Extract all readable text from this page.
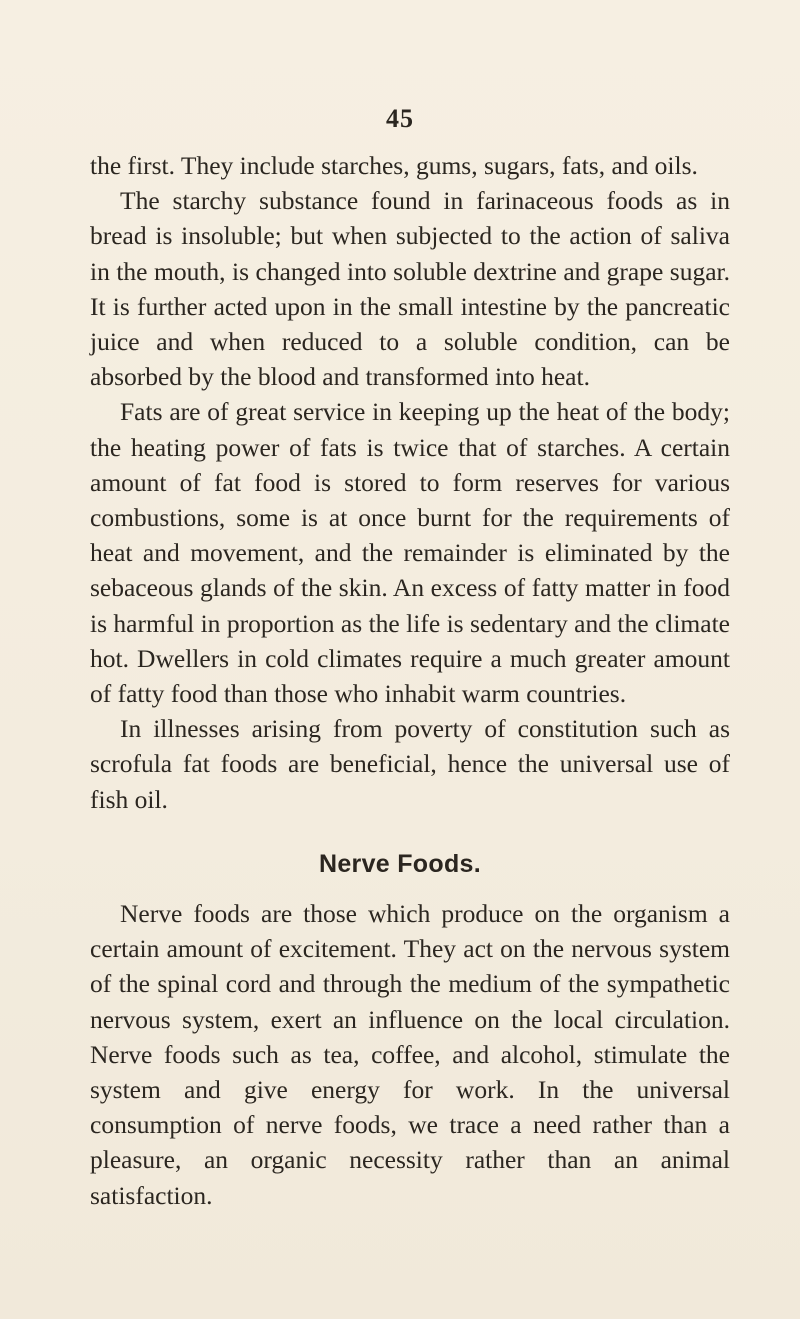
45

the first. They include starches, gums, sugars, fats, and oils.

The starchy substance found in farinaceous foods as in bread is insoluble; but when subjected to the action of saliva in the mouth, is changed into soluble dextrine and grape sugar. It is further acted upon in the small intestine by the pancreatic juice and when reduced to a soluble condition, can be absorbed by the blood and transformed into heat.

Fats are of great service in keeping up the heat of the body; the heating power of fats is twice that of starches. A certain amount of fat food is stored to form reserves for various combustions, some is at once burnt for the requirements of heat and movement, and the remainder is eliminated by the sebaceous glands of the skin. An excess of fatty matter in food is harmful in proportion as the life is sedentary and the climate hot. Dwellers in cold climates require a much greater amount of fatty food than those who inhabit warm countries.

In illnesses arising from poverty of constitution such as scrofula fat foods are beneficial, hence the universal use of fish oil.

Nerve Foods.

Nerve foods are those which produce on the organism a certain amount of excitement. They act on the nervous system of the spinal cord and through the medium of the sympathetic nervous system, exert an influence on the local circulation. Nerve foods such as tea, coffee, and alcohol, stimulate the system and give energy for work. In the universal consumption of nerve foods, we trace a need rather than a pleasure, an organic necessity rather than an animal satisfaction.
